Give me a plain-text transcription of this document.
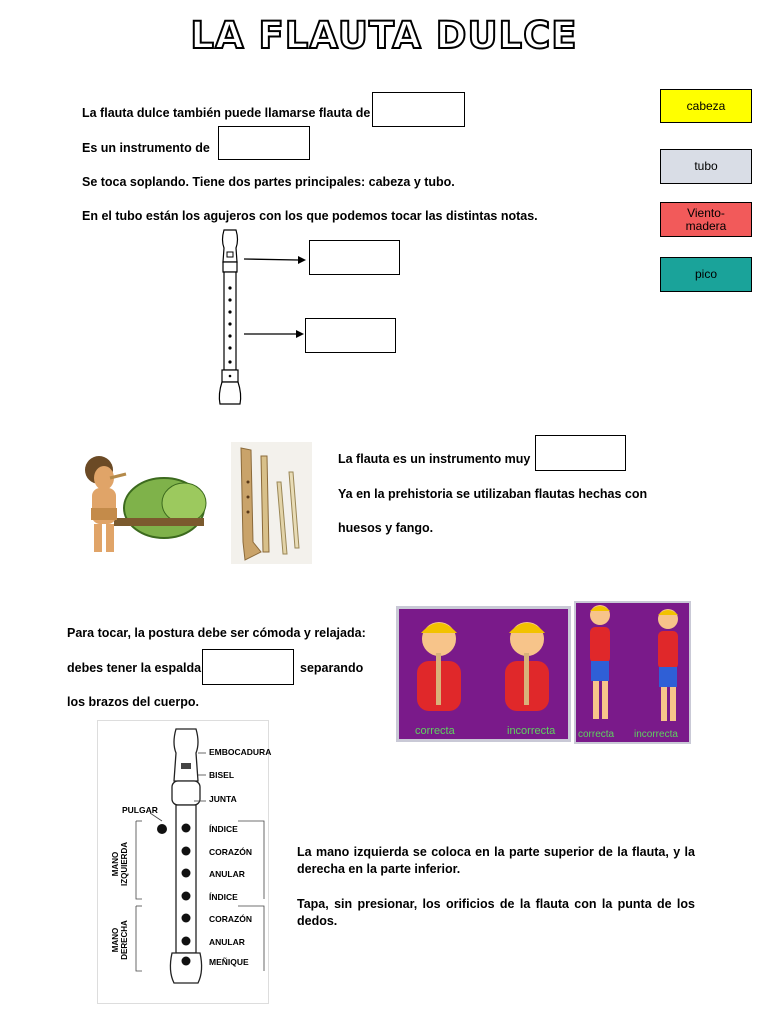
LA FLAUTA DULCE
La flauta dulce también puede llamarse flauta de
Es un instrumento de
Se toca soplando. Tiene dos partes principales: cabeza y tubo.
En el tubo están los agujeros con los que podemos tocar las distintas notas.
cabeza
tubo
Viento-madera
pico
La flauta es un instrumento muy
Ya en la prehistoria se utilizaban flautas hechas con
huesos y fango.
Para tocar, la postura debe ser cómoda y relajada:
debes tener la espalda	separando
los brazos del cuerpo.
correcta	incorrecta correcta incorrecta
EMBOCADURA
BISEL
JUNTA
PULGAR
ÍNDICE
CORAZÓN
ANULAR
ÍNDICE
CORAZÓN
ANULAR
MEÑIQUE
MANO IZQUIERDA
MANO DERECHA
La mano izquierda se coloca en la parte superior de la flauta, y la derecha en la parte inferior.
Tapa, sin presionar, los orificios de la flauta con la punta de los dedos.
